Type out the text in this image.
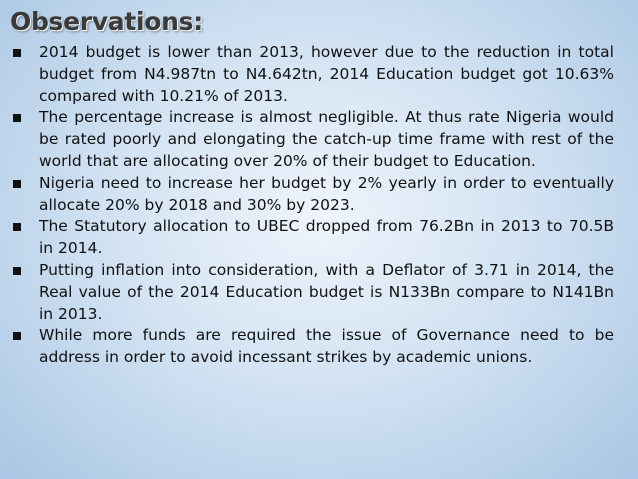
Observations:
2014 budget is lower than 2013, however due to the reduction in total budget from N4.987tn to N4.642tn, 2014 Education budget got 10.63% compared with 10.21% of 2013.
The percentage increase is almost negligible. At thus rate Nigeria would be rated poorly and elongating the catch-up time frame with rest of the world that are allocating over 20% of their budget to Education.
Nigeria need to increase her budget by 2% yearly in order to eventually allocate 20% by 2018 and 30% by 2023.
The Statutory allocation to UBEC dropped from 76.2Bn in 2013 to 70.5B in 2014.
Putting inflation into consideration, with a Deflator of 3.71 in 2014, the Real value of the 2014 Education budget is N133Bn compare to N141Bn in 2013.
While more funds are required the issue of Governance need to be address in order to avoid incessant strikes by academic unions.
